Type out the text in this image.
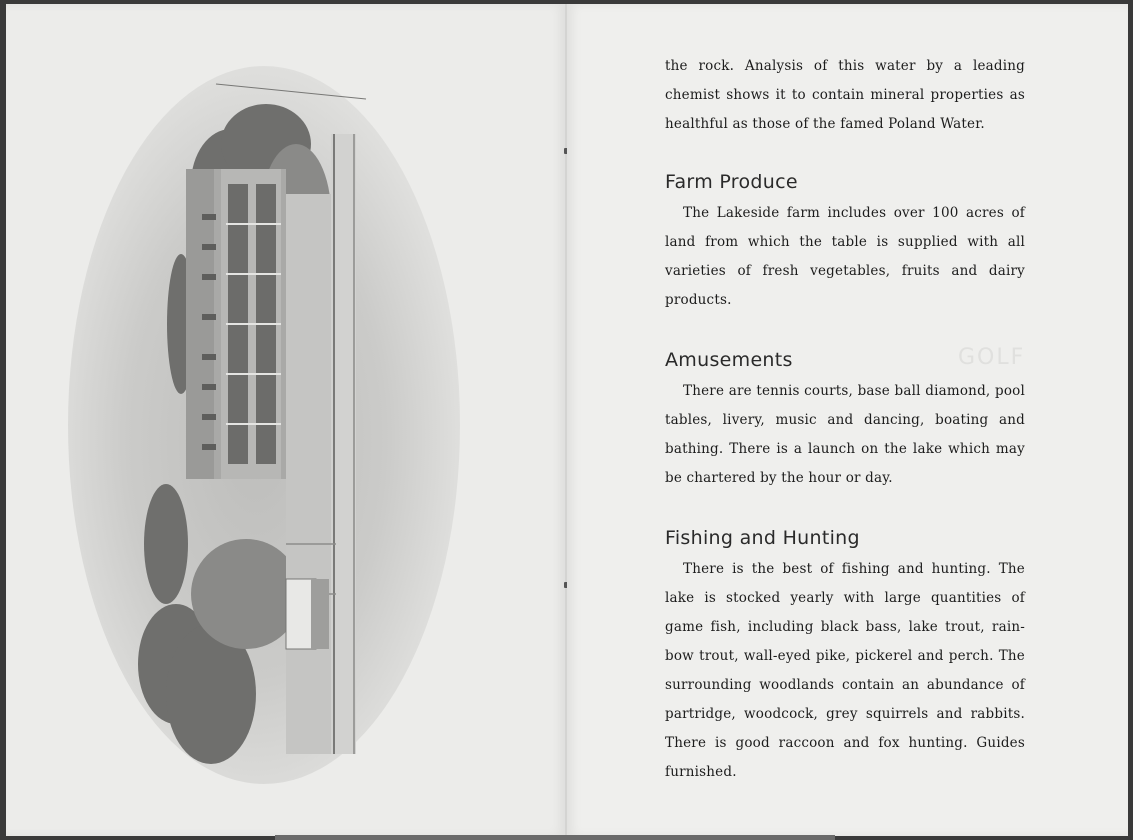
GOLF

the rock. Analysis of this water by a leading chemist shows it to contain mineral properties as healthful as those of the famed Poland Water.

Farm Produce

The Lakeside farm includes over 100 acres of land from which the table is supplied with all varieties of fresh vegetables, fruits and dairy products.

Amusements

There are tennis courts, base ball diamond, pool tables, livery, music and dancing, boating and bathing. There is a launch on the lake which may be chartered by the hour or day.

Fishing and Hunting

There is the best of fishing and hunting. The lake is stocked yearly with large quantities of game fish, including black bass, lake trout, rain-bow trout, wall-eyed pike, pickerel and perch. The surrounding woodlands contain an abundance of partridge, woodcock, grey squirrels and rabbits. There is good raccoon and fox hunting. Guides furnished.
